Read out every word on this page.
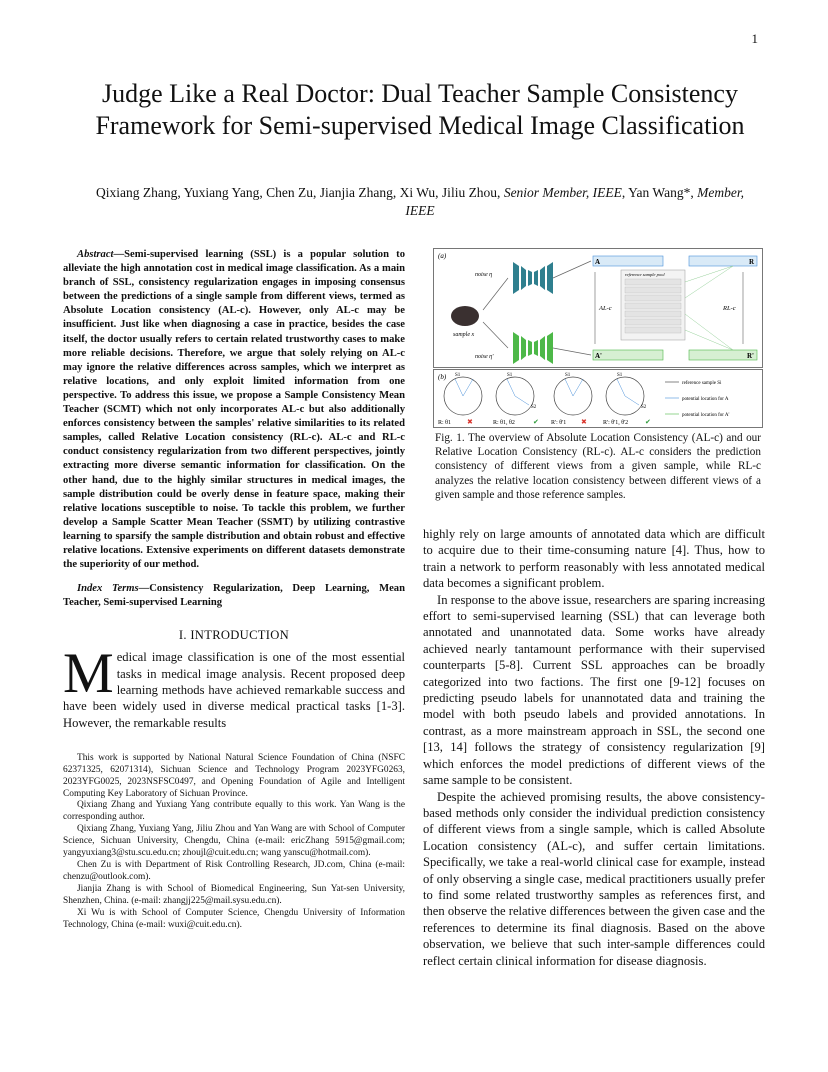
1
Judge Like a Real Doctor: Dual Teacher Sample Consistency Framework for Semi-supervised Medical Image Classification
Qixiang Zhang, Yuxiang Yang, Chen Zu, Jianjia Zhang, Xi Wu, Jiliu Zhou, Senior Member, IEEE, Yan Wang*, Member, IEEE

Abstract—Semi-supervised learning (SSL) is a popular solution to alleviate the high annotation cost in medical image classification. As a main branch of SSL, consistency regularization engages in imposing consensus between the predictions of a single sample from different views, termed as Absolute Location consistency (AL-c). However, only AL-c may be insufficient. Just like when diagnosing a case in practice, besides the case itself, the doctor usually refers to certain related trustworthy cases to make more reliable decisions. Therefore, we argue that solely relying on AL-c may ignore the relative differences across samples, which we interpret as relative locations, and only exploit limited information from one perspective. To address this issue, we propose a Sample Consistency Mean Teacher (SCMT) which not only incorporates AL-c but also additionally enforces consistency between the samples' relative similarities to its related samples, called Relative Location consistency (RL-c). AL-c and RL-c conduct consistency regularization from two different perspectives, jointly extracting more diverse semantic information for classification. On the other hand, due to the highly similar structures in medical images, the sample distribution could be overly dense in feature space, making their relative locations susceptible to noise. To tackle this problem, we further develop a Sample Scatter Mean Teacher (SSMT) by utilizing contrastive learning to sparsify the sample distribution and obtain robust and effective relative locations. Extensive experiments on different datasets demonstrate the superiority of our method.

Index Terms—Consistency Regularization, Deep Learning, Mean Teacher, Semi-supervised Learning

I. INTRODUCTION

Medical image classification is one of the most essential tasks in medical image analysis. Recent proposed deep learning methods have achieved remarkable success and have been widely used in diverse medical practical tasks [1-3]. However, the remarkable results

This work is supported by National Natural Science Foundation of China (NSFC 62371325, 62071314), Sichuan Science and Technology Program 2023YFG0263, 2023YFG0025, 2023NSFSC0497, and Opening Foundation of Agile and Intelligent Computing Key Laboratory of Sichuan Province.

Qixiang Zhang and Yuxiang Yang contribute equally to this work. Yan Wang is the corresponding author.

Qixiang Zhang, Yuxiang Yang, Jiliu Zhou and Yan Wang are with School of Computer Science, Sichuan University, Chengdu, China (e-mail: ericZhang 5915@gmail.com; yangyuxiang3@stu.scu.edu.cn; zhoujl@cuit.edu.cn; wang yanscu@hotmail.com).

Chen Zu is with Department of Risk Controlling Research, JD.com, China (e-mail: chenzu@outlook.com).

Jianjia Zhang is with School of Biomedical Engineering, Sun Yat-sen University, Shenzhen, China. (e-mail: zhangjj225@mail.sysu.edu.cn).

Xi Wu is with School of Computer Science, Chengdu University of Information Technology, China (e-mail: wuxi@cuit.edu.cn).

(a)
(b)
noise η
noise η'
sample x
A
A'
R
R'
reference sample pool
AL-c	RL-c
R: θ1	R: θ1, θ2	R': θ'1	R': θ'1, θ'2
✖	✔	✖	✔
S1	S1
S2
S1	S1
S2
reference sample Si
potential location for A
potential location for A'
Fig. 1. The overview of Absolute Location Consistency (AL-c) and our Relative Location Consistency (RL-c). AL-c considers the prediction consistency of different views from a given sample, while RL-c analyzes the relative location consistency between different views of a given sample and those reference samples.

highly rely on large amounts of annotated data which are difficult to acquire due to their time-consuming nature [4]. Thus, how to train a network to perform reasonably with less annotated medical data becomes a significant problem.

In response to the above issue, researchers are sparing increasing effort to semi-supervised learning (SSL) that can leverage both annotated and unannotated data. Some works have already achieved nearly tantamount performance with their supervised counterparts [5-8]. Current SSL approaches can be broadly categorized into two factions. The first one [9-12] focuses on predicting pseudo labels for unannotated data and training the model with both pseudo labels and provided annotations. In contrast, as a more mainstream approach in SSL, the second one [13, 14] follows the strategy of consistency regularization [9] which enforces the model predictions of different views of the same sample to be consistent.

Despite the achieved promising results, the above consistency-based methods only consider the individual prediction consistency of different views from a single sample, which is called Absolute Location consistency (AL-c), and suffer certain limitations. Specifically, we take a real-world clinical case for example, instead of only observing a single case, medical practitioners usually prefer to find some related trustworthy samples as references first, and then observe the relative differences between the given case and the references to determine its final diagnosis. Based on the above observation, we believe that such inter-sample differences could reflect certain clinical information for disease diagnosis.
